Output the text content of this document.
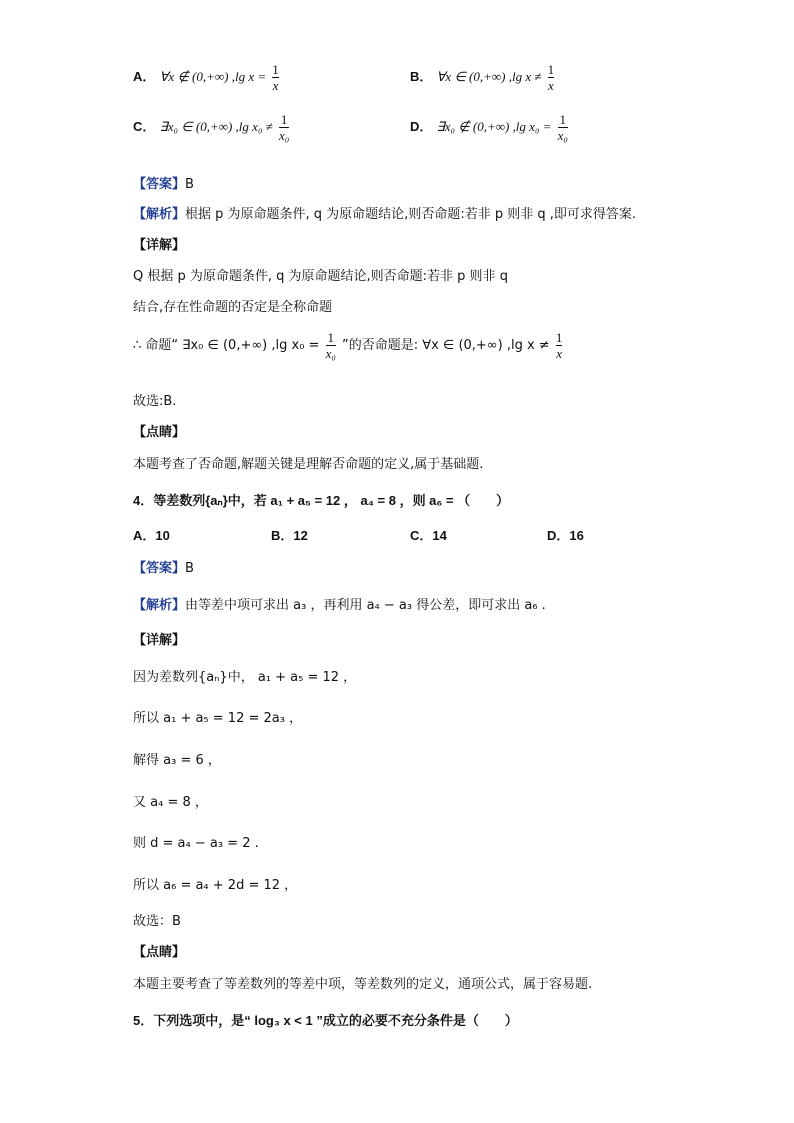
A． ∀x ∉ (0,+∞) ,lg $x = \frac{1}{x}$	B． ∀x ∈ (0,+∞) ,lg $x \ne \frac{1}{x}$
C． ∃x₀ ∈ (0,+∞) ,lg $x_0 \ne \frac{1}{\text{x₀}}$	D． ∃x₀ ∉ (0,+∞) ,lg $x_0 = \frac{1}{\text{x₀}}$
【答案】B
【解析】根据 p 为原命题条件, q 为原命题结论,则否命题:若非 p 则非 q ,即可求得答案.
【详解】
Q 根据 p 为原命题条件, q 为原命题结论,则否命题:若非 p 则非 q
结合,存在性命题的否定是全称命题
∴ 命题“ ∃x₀ ∈ (0,+∞) ,lg $x_0 = \frac{1}{\text{x₀}}$ ”的否命题是: ∀x ∈ (0,+∞) ,lg $x \ne \frac{1}{x}$
故选:B.
【点睛】
本题考查了否命题,解题关键是理解否命题的定义,属于基础题.
4．等差数列{aₙ}中，若 a₁ + a₅ = 12 ， a₄ = 8 ，则 a₆ = （　　）
A．10	B．12	C．14	D．16
【答案】B
【解析】由等差中项可求出 a₃ ，再利用 a₄ − a₃ 得公差，即可求出 a₆ .
【详解】
因为差数列{aₙ}中， a₁ + a₅ = 12 ，
所以 a₁ + a₅ = 12 = 2a₃ ，
解得 a₃ = 6 ，
又 a₄ = 8 ，
则 d = a₄ − a₃ = 2 .
所以 a₆ = a₄ + 2d = 12 ，
故选：B
【点睛】
本题主要考查了等差数列的等差中项，等差数列的定义，通项公式，属于容易题.
5．下列选项中，是“ log₃ x < 1 ”成立的必要不充分条件是（　　）
